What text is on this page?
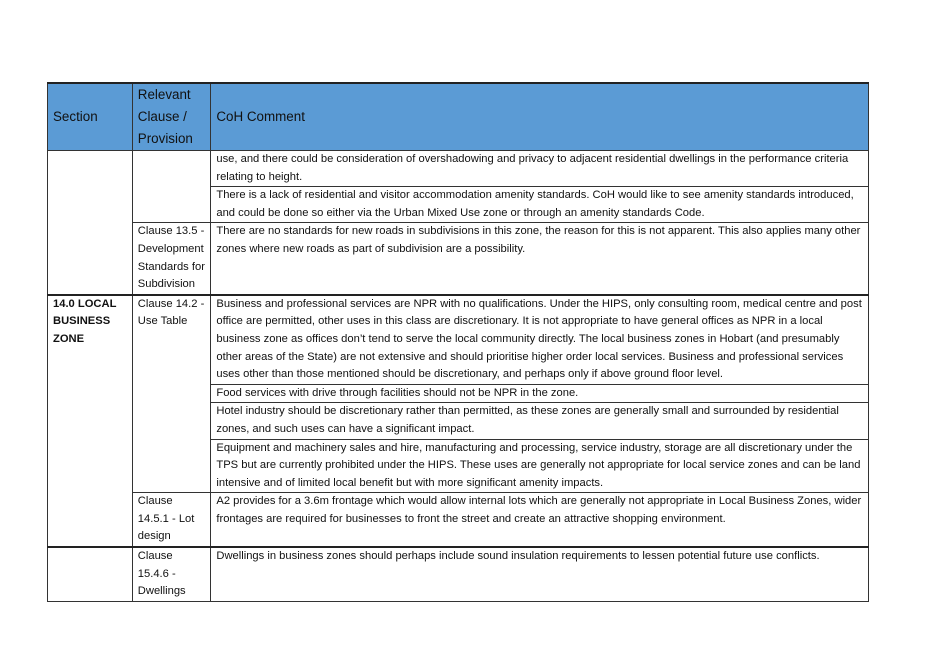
Section	Relevant
Clause /
Provision	CoH Comment
		use, and there could be consideration of overshadowing and privacy to adjacent residential dwellings in the performance criteria relating to height.
		There is a lack of residential and visitor accommodation amenity standards. CoH would like to see amenity standards introduced, and could be done so either via the Urban Mixed Use zone or through an amenity standards Code.
	Clause 13.5 - Development Standards for Subdivision	There are no standards for new roads in subdivisions in this zone, the reason for this is not apparent. This also applies many other zones where new roads as part of subdivision are a possibility.
14.0 LOCAL BUSINESS ZONE	Clause 14.2 - Use Table	Business and professional services are NPR with no qualifications. Under the HIPS, only consulting room, medical centre and post office are permitted, other uses in this class are discretionary. It is not appropriate to have general offices as NPR in a local business zone as offices don’t tend to serve the local community directly. The local business zones in Hobart (and presumably other areas of the State) are not extensive and should prioritise higher order local services. Business and professional services uses other than those mentioned should be discretionary, and perhaps only if above ground floor level.
		Food services with drive through facilities should not be NPR in the zone.
		Hotel industry should be discretionary rather than permitted, as these zones are generally small and surrounded by residential zones, and such uses can have a significant impact.
		Equipment and machinery sales and hire, manufacturing and processing, service industry, storage are all discretionary under the TPS but are currently prohibited under the HIPS. These uses are generally not appropriate for local service zones and can be land intensive and of limited local benefit but with more significant amenity impacts.
	Clause 14.5.1 - Lot design	A2 provides for a 3.6m frontage which would allow internal lots which are generally not appropriate in Local Business Zones, wider frontages are required for businesses to front the street and create an attractive shopping environment.
	Clause 15.4.6 - Dwellings	Dwellings in business zones should perhaps include sound insulation requirements to lessen potential future use conflicts.
